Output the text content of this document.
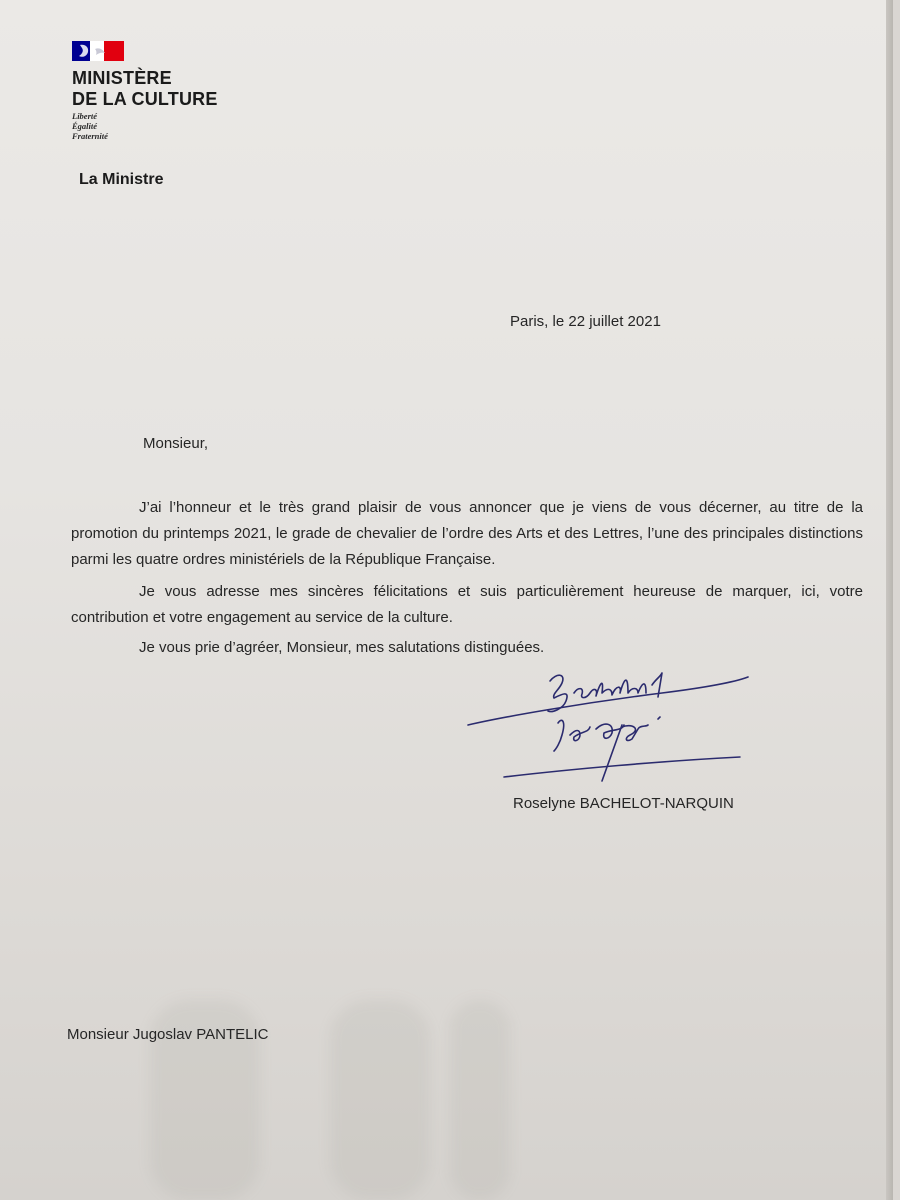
MINISTÈRE
DE LA CULTURE
Liberté
Égalité
Fraternité

La Ministre

Paris, le 22 juillet 2021

Monsieur,

J’ai l’honneur et le très grand plaisir de vous annoncer que je viens de vous décerner, au titre de la promotion du printemps 2021, le grade de chevalier de l’ordre des Arts et des Lettres, l’une des principales distinctions parmi les quatre ordres ministériels de la République Française.

Je vous adresse mes sincères félicitations et suis particulièrement heureuse de marquer, ici, votre contribution et votre engagement au service de la culture.

Je vous prie d’agréer, Monsieur, mes salutations distinguées.

Roselyne BACHELOT-NARQUIN

Monsieur Jugoslav PANTELIC
